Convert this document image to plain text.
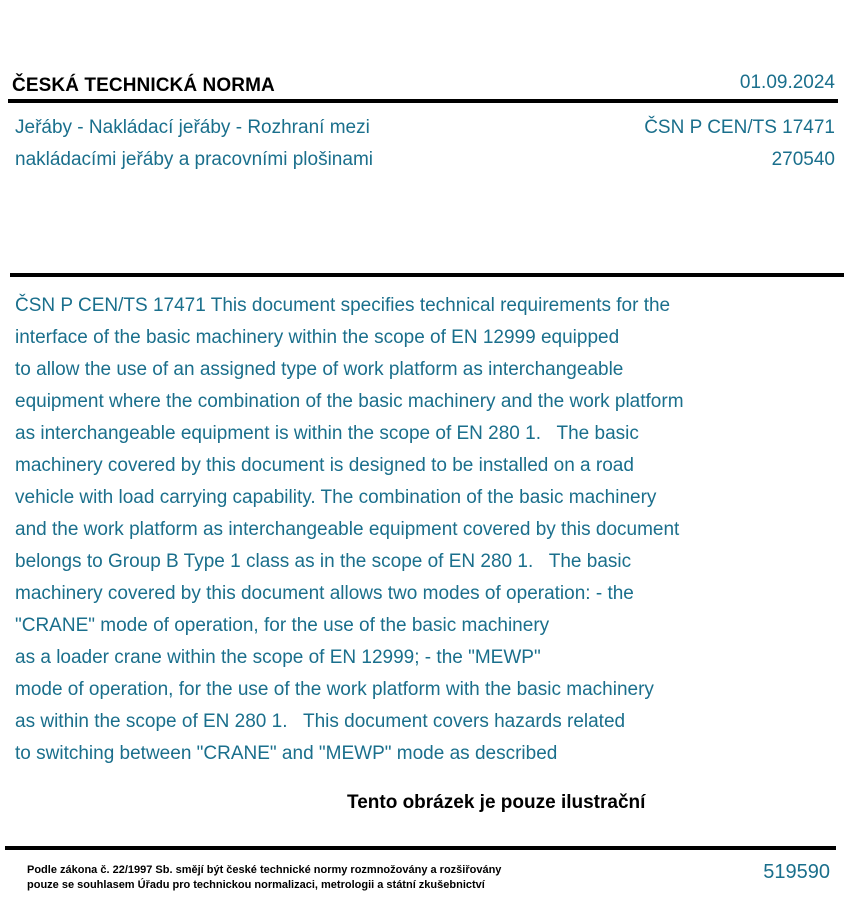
ČESKÁ TECHNICKÁ NORMA	01.09.2024
Jeřáby - Nakládací jeřáby - Rozhraní mezi
nakládacími jeřáby a pracovními plošinami
ČSN P CEN/TS 17471
270540
ČSN P CEN/TS 17471 This document specifies technical requirements for the
interface of the basic machinery within the scope of EN 12999 equipped
to allow the use of an assigned type of work platform as interchangeable
equipment where the combination of the basic machinery and the work platform
as interchangeable equipment is within the scope of EN 280 1.   The basic
machinery covered by this document is designed to be installed on a road
vehicle with load carrying capability. The combination of the basic machinery
and the work platform as interchangeable equipment covered by this document
belongs to Group B Type 1 class as in the scope of EN 280 1.   The basic
machinery covered by this document allows two modes of operation: - the
"CRANE" mode of operation, for the use of the basic machinery
as a loader crane within the scope of EN 12999; - the "MEWP"
mode of operation, for the use of the work platform with the basic machinery
as within the scope of EN 280 1.   This document covers hazards related
to switching between "CRANE" and "MEWP" mode as described
Tento obrázek je pouze ilustrační
Podle zákona č. 22/1997 Sb. smějí být české technické normy rozmnožovány a rozšiřovány
pouze se souhlasem Úřadu pro technickou normalizaci, metrologii a státní zkušebnictví
519590
